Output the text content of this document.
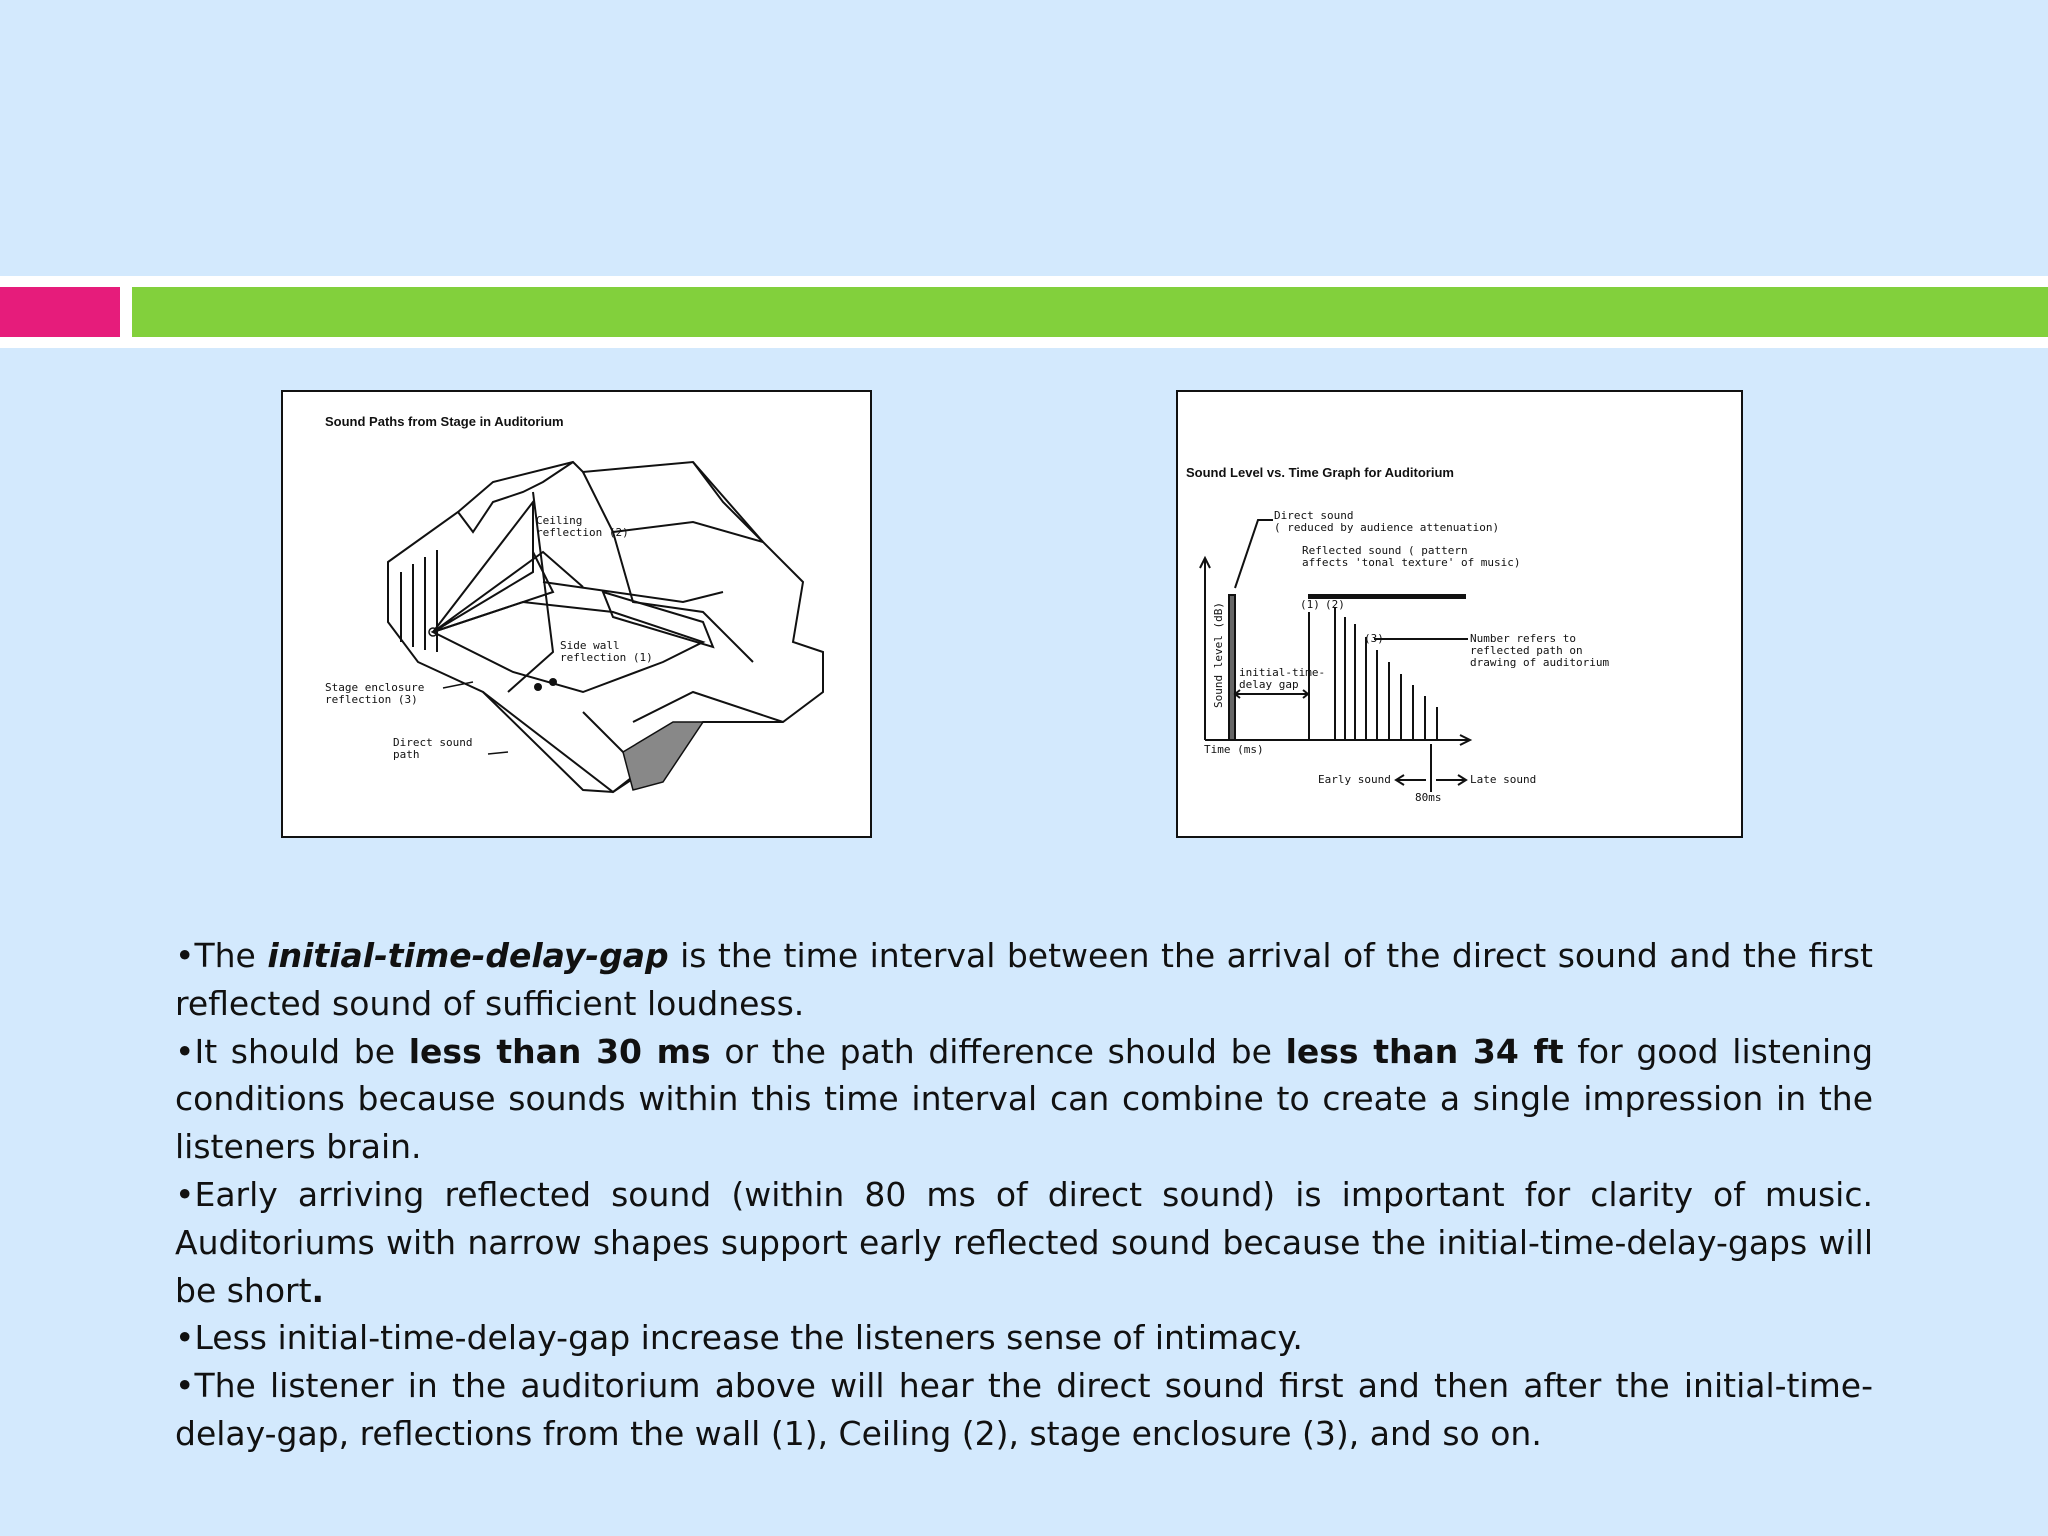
Sound Paths from Stage in Auditorium
Ceiling
reflection (2)
Side wall
reflection (1)
Stage enclosure
reflection (3)
Direct sound
path
Sound Level vs. Time Graph for Auditorium
Direct sound
( reduced by audience attenuation)
Reflected sound ( pattern
affects 'tonal texture' of music)
(1) (2)
(3)	Number refers to
reflected path on
drawing of auditorium
initial-time-
delay gap
Sound level (dB)
Time (ms)
Early sound	Late sound
80ms

•The initial-time-delay-gap is the time interval between the arrival of the direct sound and the first reflected sound of sufficient loudness.

•It should be less than 30 ms or the path difference should be less than 34 ft for good listening conditions because sounds within this time interval can combine to create a single impression in the listeners brain.

•Early arriving reflected sound (within 80 ms of direct sound) is important for clarity of music. Auditoriums with narrow shapes support early reflected sound because the initial-time-delay-gaps will be short.

•Less initial-time-delay-gap increase the listeners sense of intimacy.

•The listener in the auditorium above will hear the direct sound first and then after the initial-time-delay-gap, reflections from the wall (1), Ceiling (2), stage enclosure (3), and so on.
